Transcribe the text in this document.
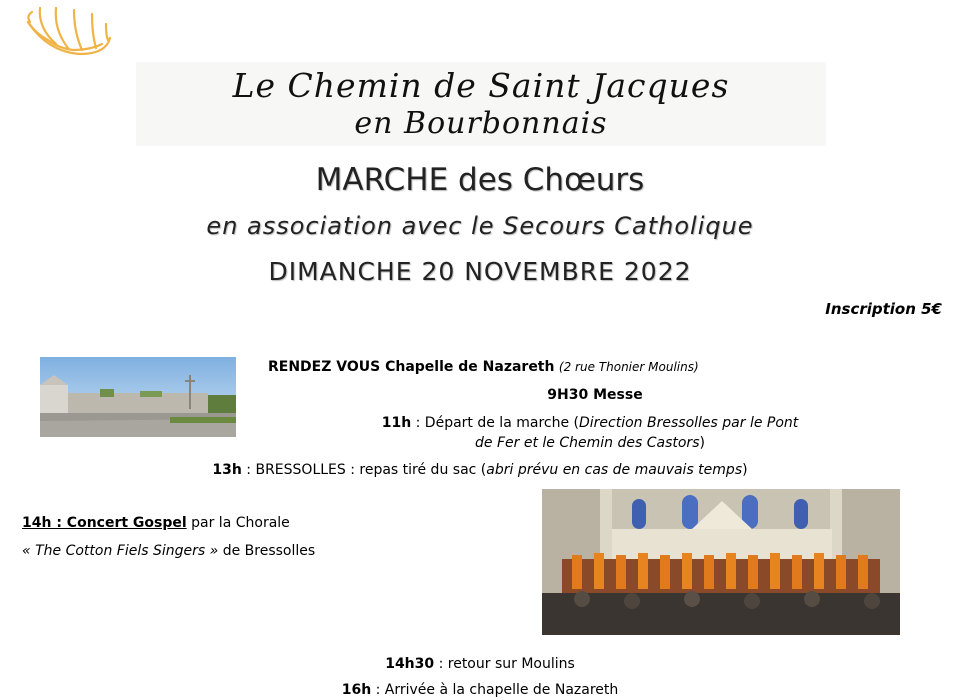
Le Chemin de Saint Jacques
en Bourbonnais
MARCHE des Chœurs
en association avec le Secours Catholique
DIMANCHE 20 NOVEMBRE 2022
Inscription 5€
RENDEZ VOUS Chapelle de Nazareth (2 rue Thonier Moulins)
9H30 Messe
11h : Départ de la marche (Direction Bressolles par le Pont
de Fer et le Chemin des Castors)
13h : BRESSOLLES : repas tiré du sac (abri prévu en cas de mauvais temps)
14h : Concert Gospel par la Chorale
« The Cotton Fiels Singers » de Bressolles
14h30 : retour sur Moulins
16h : Arrivée à la chapelle de Nazareth
